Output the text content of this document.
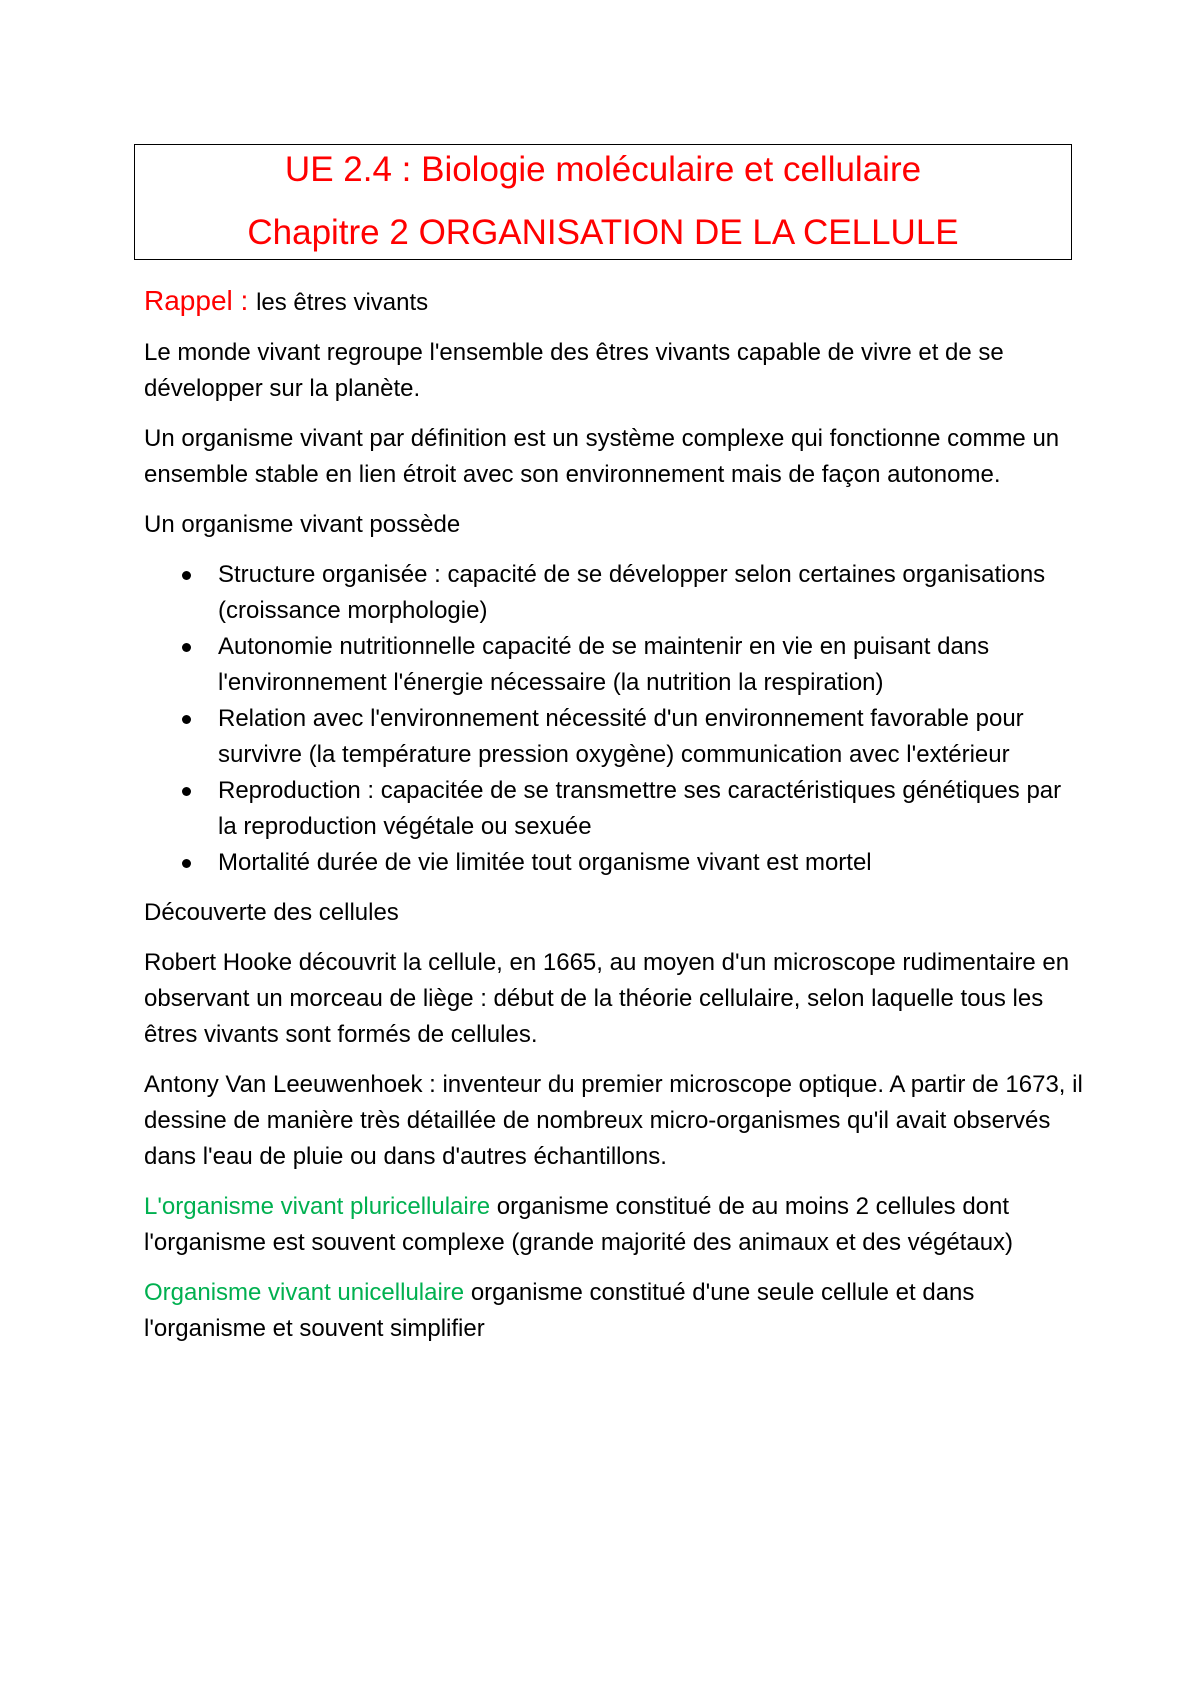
UE 2.4 : Biologie moléculaire et cellulaire
Chapitre 2 ORGANISATION DE LA CELLULE

Rappel : les êtres vivants

Le monde vivant regroupe l'ensemble des êtres vivants capable de vivre et de se développer sur la planète.

Un organisme vivant par définition est un système complexe qui fonctionne comme un ensemble stable en lien étroit avec son environnement mais de façon autonome.

Un organisme vivant possède

Structure organisée : capacité de se développer selon certaines organisations (croissance morphologie)
Autonomie nutritionnelle capacité de se maintenir en vie en puisant dans l'environnement l'énergie nécessaire (la nutrition la respiration)
Relation avec l'environnement nécessité d'un environnement favorable pour survivre (la température pression oxygène) communication avec l'extérieur
Reproduction : capacitée de se transmettre ses caractéristiques génétiques par la reproduction végétale ou sexuée
Mortalité durée de vie limitée tout organisme vivant est mortel

Découverte des cellules

Robert Hooke découvrit la cellule, en 1665, au moyen d'un microscope rudimentaire en observant un morceau de liège : début de la théorie cellulaire, selon laquelle tous les êtres vivants sont formés de cellules.

Antony Van Leeuwenhoek : inventeur du premier microscope optique. A partir de 1673, il dessine de manière très détaillée de nombreux micro-organismes qu'il avait observés dans l'eau de pluie ou dans d'autres échantillons.

L'organisme vivant pluricellulaire organisme constitué de au moins 2 cellules dont l'organisme est souvent complexe (grande majorité des animaux et des végétaux)

Organisme vivant unicellulaire organisme constitué d'une seule cellule et dans l'organisme et souvent simplifier
